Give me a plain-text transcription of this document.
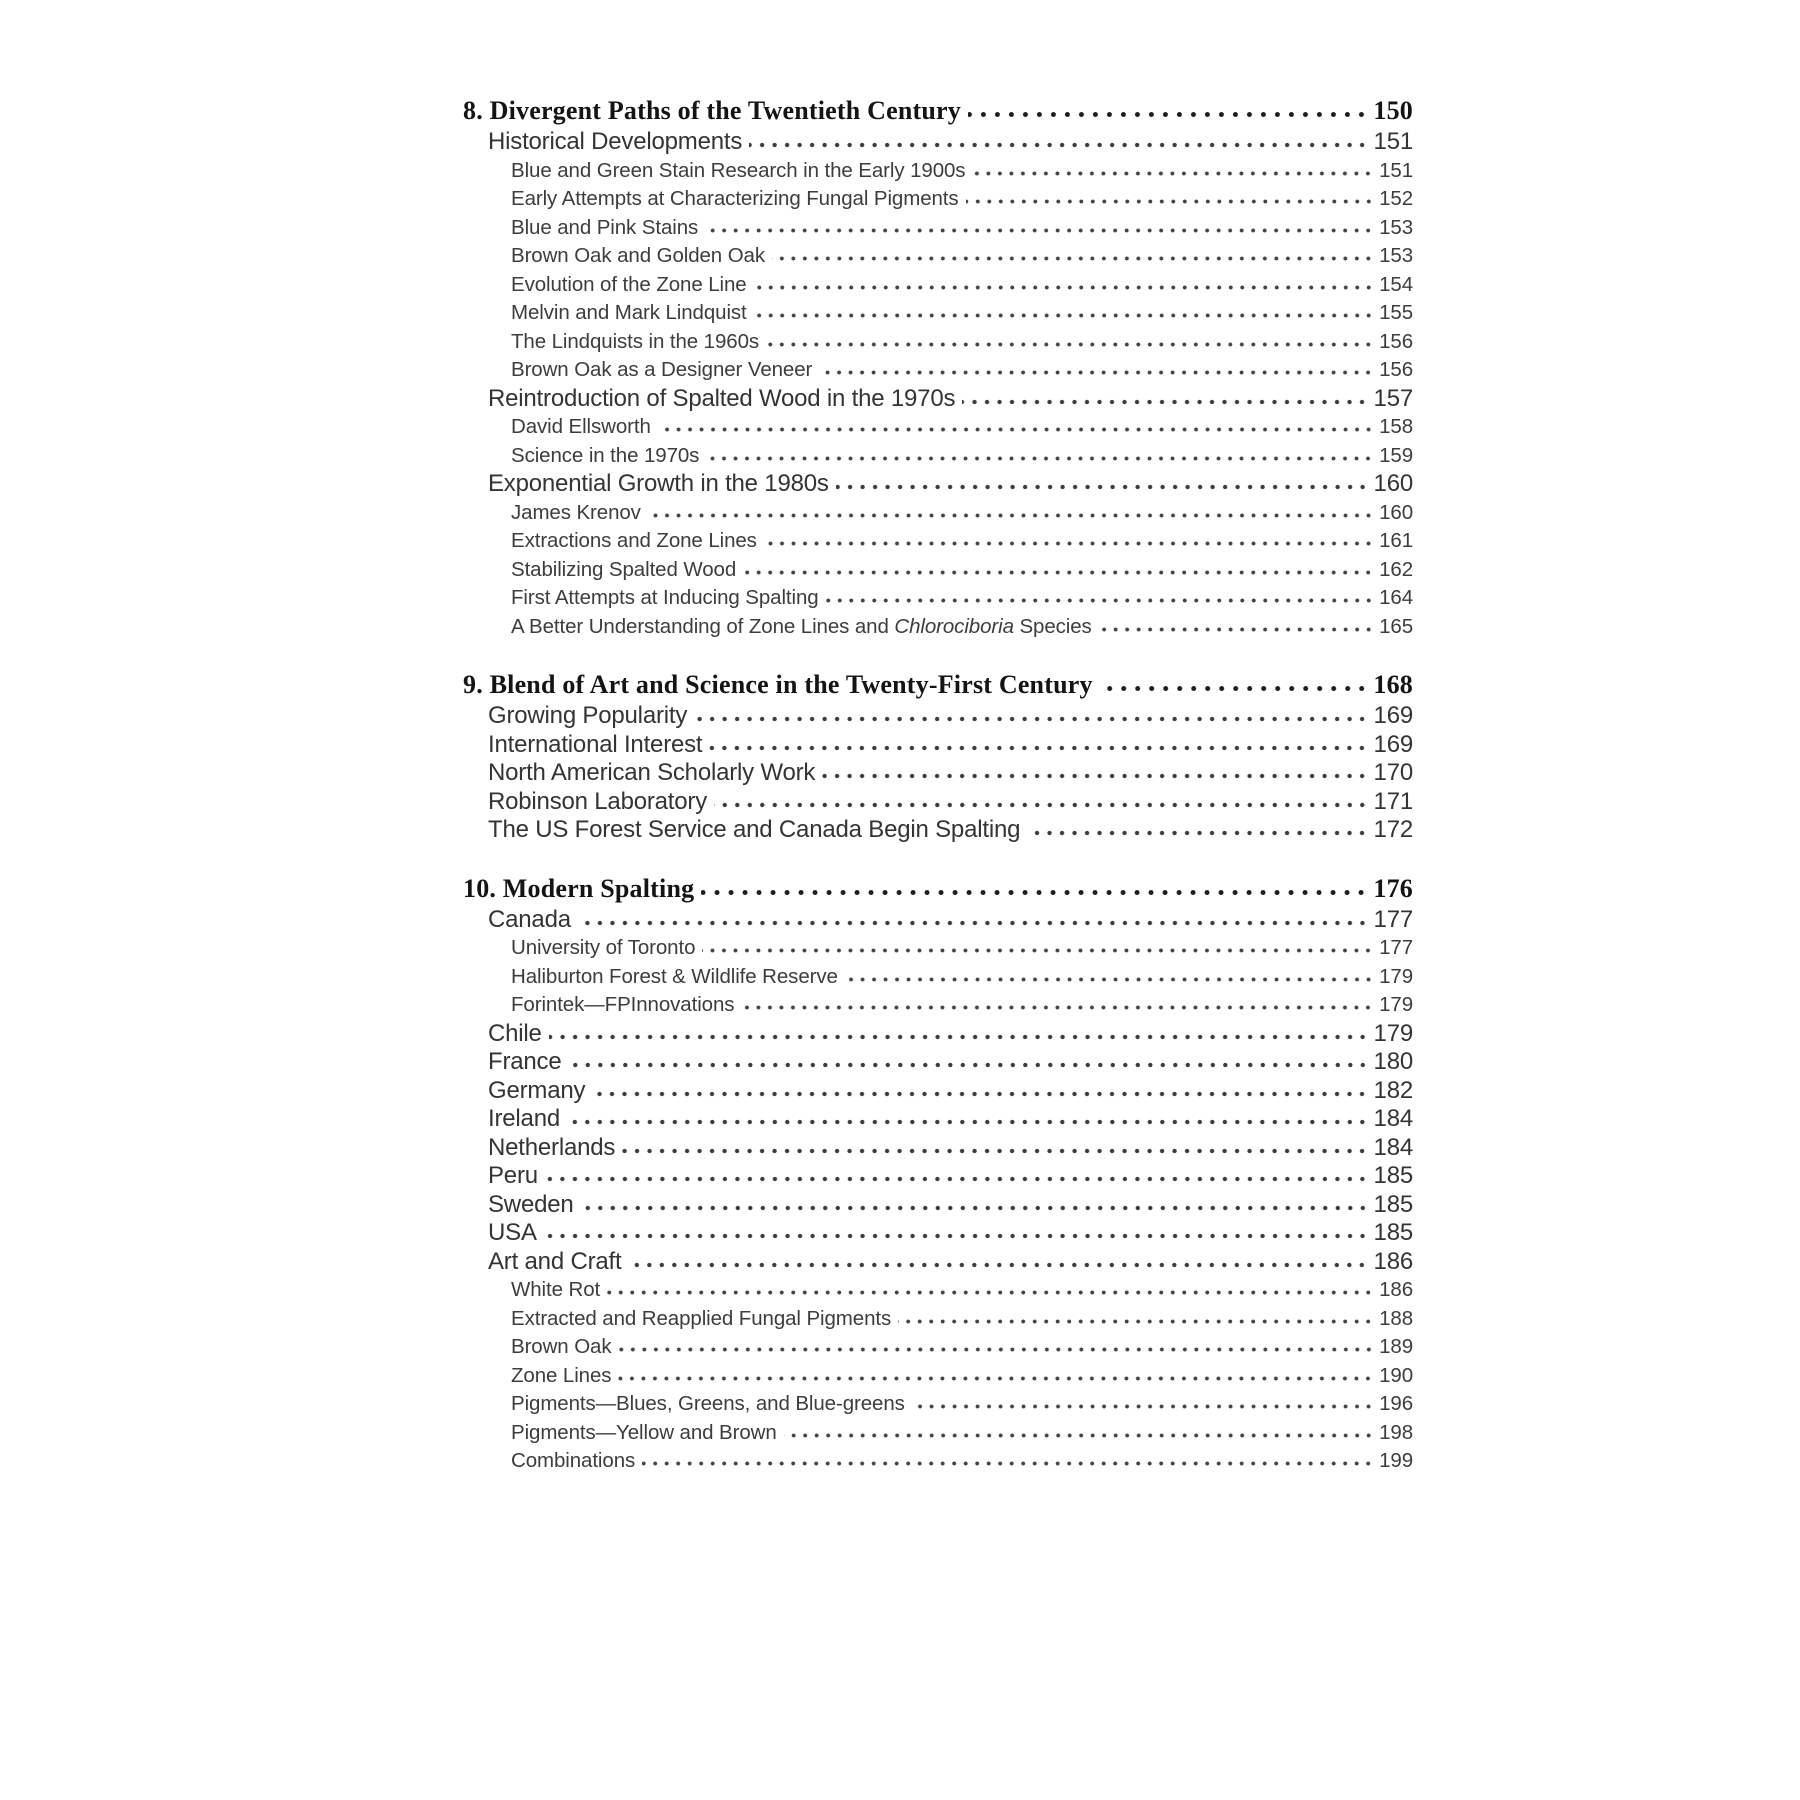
8. Divergent Paths of the Twentieth Century	150
Historical Developments	151
Blue and Green Stain Research in the Early 1900s	151
Early Attempts at Characterizing Fungal Pigments	152
Blue and Pink Stains	153
Brown Oak and Golden Oak	153
Evolution of the Zone Line	154
Melvin and Mark Lindquist	155
The Lindquists in the 1960s	156
Brown Oak as a Designer Veneer	156
Reintroduction of Spalted Wood in the 1970s	157
David Ellsworth	158
Science in the 1970s	159
Exponential Growth in the 1980s	160
James Krenov	160
Extractions and Zone Lines	161
Stabilizing Spalted Wood	162
First Attempts at Inducing Spalting	164
A Better Understanding of Zone Lines and Chlorociboria Species	165
9. Blend of Art and Science in the Twenty-First Century	168
Growing Popularity	169
International Interest	169
North American Scholarly Work	170
Robinson Laboratory	171
The US Forest Service and Canada Begin Spalting	172
10. Modern Spalting	176
Canada	177
University of Toronto	177
Haliburton Forest & Wildlife Reserve	179
Forintek—FPInnovations	179
Chile	179
France	180
Germany	182
Ireland	184
Netherlands	184
Peru	185
Sweden	185
USA	185
Art and Craft	186
White Rot	186
Extracted and Reapplied Fungal Pigments	188
Brown Oak	189
Zone Lines	190
Pigments—Blues, Greens, and Blue-greens	196
Pigments—Yellow and Brown	198
Combinations	199
